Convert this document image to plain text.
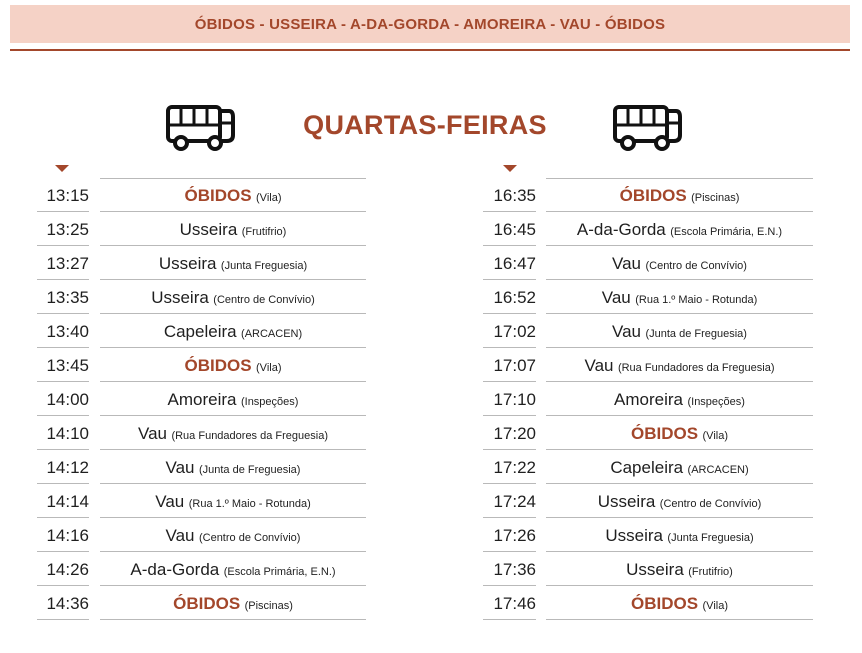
ÓBIDOS - USSEIRA - A-DA-GORDA - AMOREIRA - VAU - ÓBIDOS
QUARTAS-FEIRAS
13:15	ÓBIDOS (Vila)
13:25	Usseira (Frutifrio)
13:27	Usseira (Junta Freguesia)
13:35	Usseira (Centro de Convívio)
13:40	Capeleira (ARCACEN)
13:45	ÓBIDOS (Vila)
14:00	Amoreira (Inspeções)
14:10	Vau (Rua Fundadores da Freguesia)
14:12	Vau (Junta de Freguesia)
14:14	Vau (Rua 1.º Maio - Rotunda)
14:16	Vau (Centro de Convívio)
14:26	A-da-Gorda (Escola Primária, E.N.)
14:36	ÓBIDOS (Piscinas)
16:35	ÓBIDOS (Piscinas)
16:45	A-da-Gorda (Escola Primária, E.N.)
16:47	Vau (Centro de Convívio)
16:52	Vau (Rua 1.º Maio - Rotunda)
17:02	Vau (Junta de Freguesia)
17:07	Vau (Rua Fundadores da Freguesia)
17:10	Amoreira (Inspeções)
17:20	ÓBIDOS (Vila)
17:22	Capeleira (ARCACEN)
17:24	Usseira (Centro de Convívio)
17:26	Usseira (Junta Freguesia)
17:36	Usseira (Frutifrio)
17:46	ÓBIDOS (Vila)
